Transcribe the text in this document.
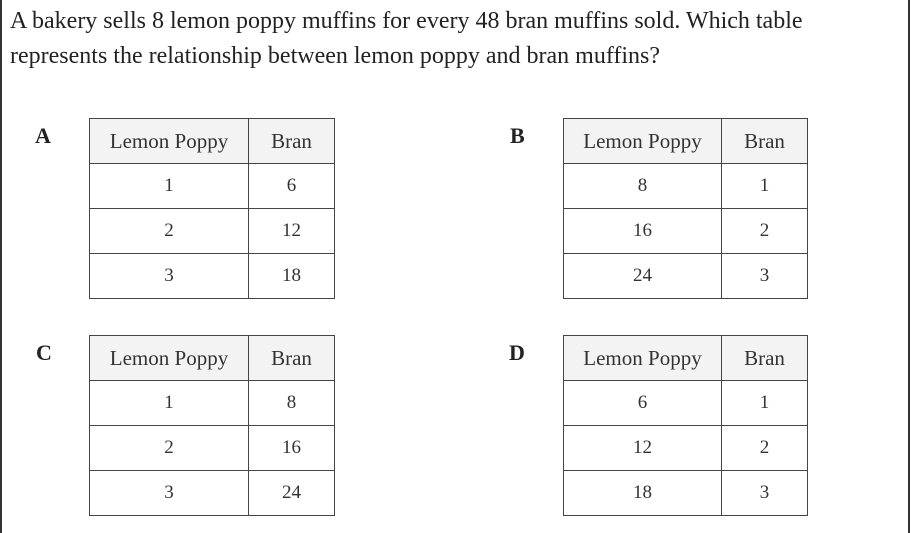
A bakery sells 8 lemon poppy muffins for every 48 bran muffins sold. Which table
represents the relationship between lemon poppy and bran muffins?
A	Lemon Poppy	Bran
1	6
2	12
3	18
B	Lemon Poppy	Bran
8	1
16	2
24	3
C	Lemon Poppy	Bran
1	8
2	16
3	24
D	Lemon Poppy	Bran
6	1
12	2
18	3
